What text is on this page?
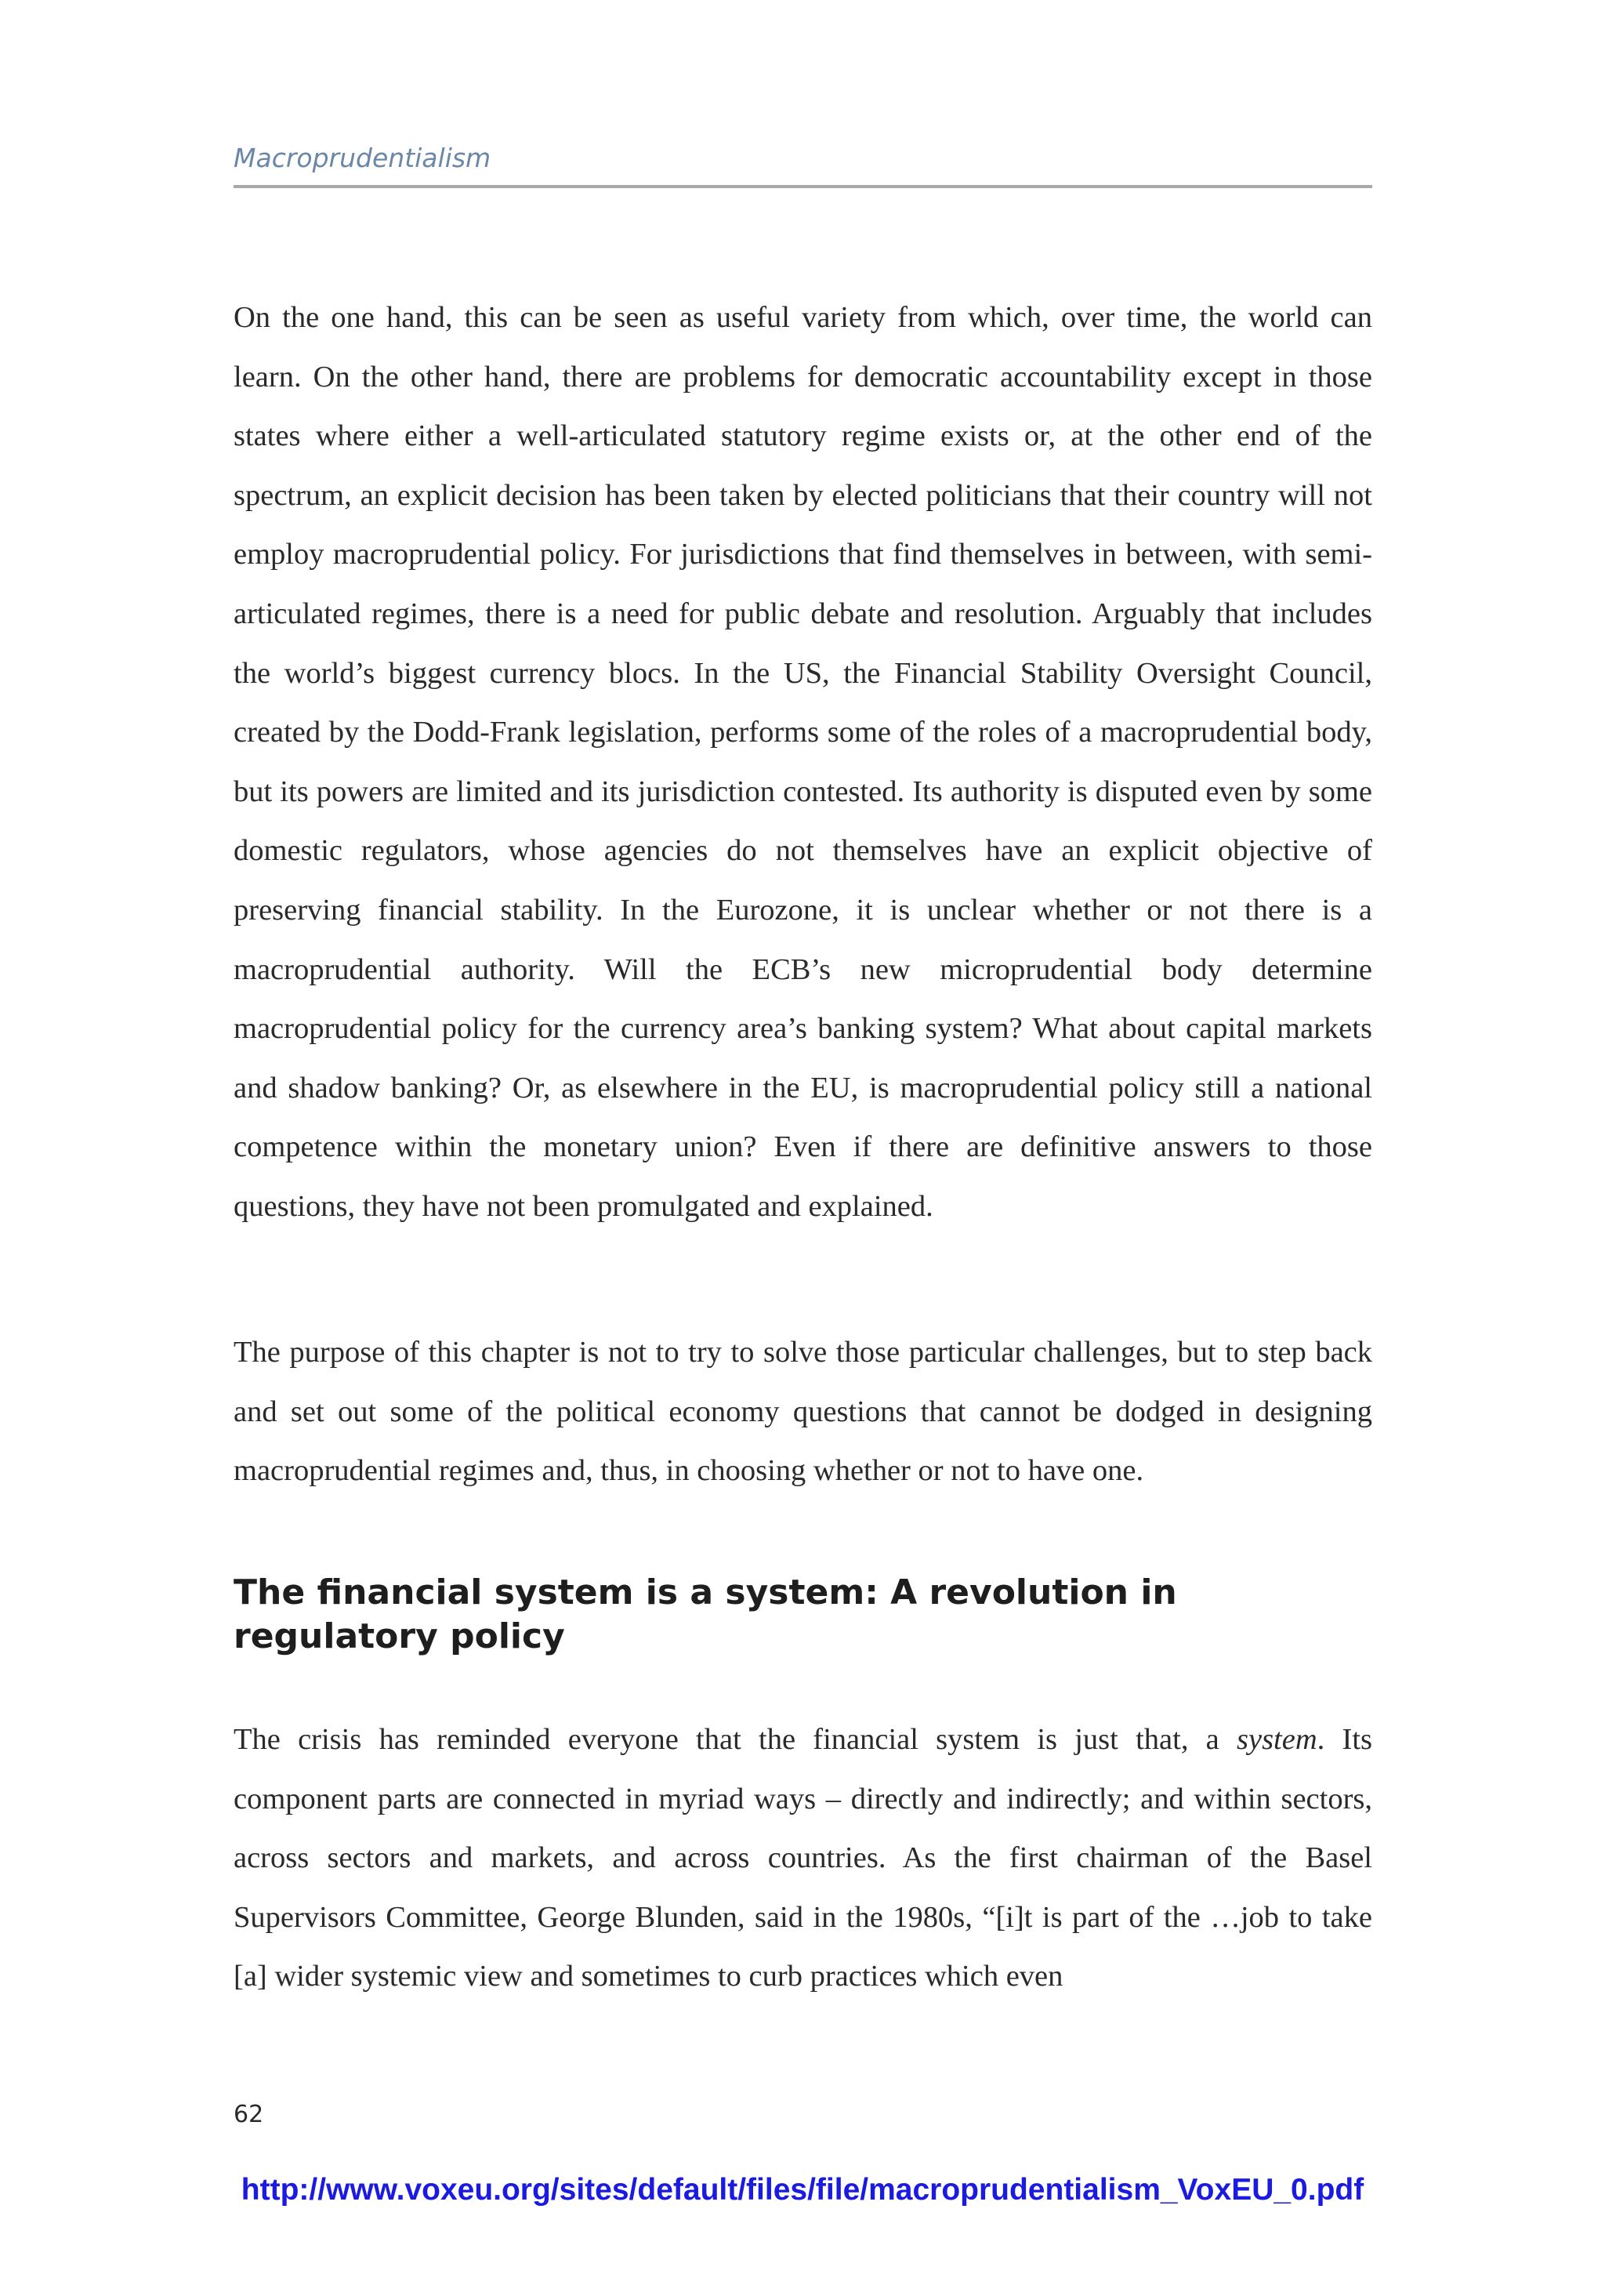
Macroprudentialism

On the one hand, this can be seen as useful variety from which, over time, the world can learn. On the other hand, there are problems for democratic accountability except in those states where either a well-articulated statutory regime exists or, at the other end of the spectrum, an explicit decision has been taken by elected politicians that their country will not employ macroprudential policy. For jurisdictions that find themselves in between, with semi-articulated regimes, there is a need for public debate and resolution. Arguably that includes the world’s biggest currency blocs. In the US, the Financial Stability Oversight Council, created by the Dodd-Frank legislation, performs some of the roles of a macroprudential body, but its powers are limited and its jurisdiction contested. Its authority is disputed even by some domestic regulators, whose agencies do not themselves have an explicit objective of preserving financial stability. In the Eurozone, it is unclear whether or not there is a macroprudential authority. Will the ECB’s new microprudential body determine macroprudential policy for the currency area’s banking system? What about capital markets and shadow banking? Or, as elsewhere in the EU, is macroprudential policy still a national competence within the monetary union? Even if there are definitive answers to those questions, they have not been promulgated and explained.

The purpose of this chapter is not to try to solve those particular challenges, but to step back and set out some of the political economy questions that cannot be dodged in designing macroprudential regimes and, thus, in choosing whether or not to have one.

The financial system is a system: A revolution in regulatory policy

The crisis has reminded everyone that the financial system is just that, a system. Its component parts are connected in myriad ways – directly and indirectly; and within sectors, across sectors and markets, and across countries. As the first chairman of the Basel Supervisors Committee, George Blunden, said in the 1980s, “[i]t is part of the …job to take [a] wider systemic view and sometimes to curb practices which even

62
http://www.voxeu.org/sites/default/files/file/macroprudentialism_VoxEU_0.pdf
